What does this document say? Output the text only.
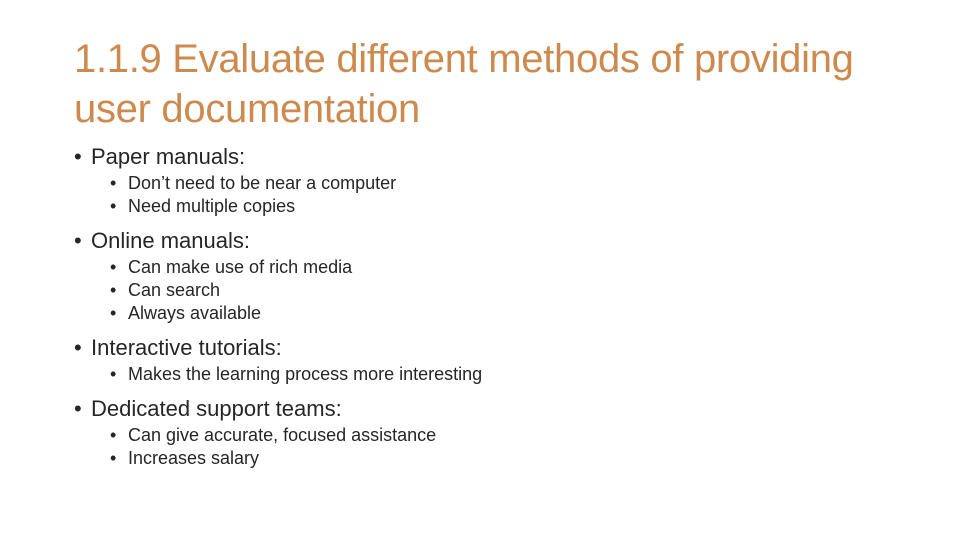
1.1.9 Evaluate different methods of providing user documentation
• Paper manuals:
• Don’t need to be near a computer
• Need multiple copies
• Online manuals:
• Can make use of rich media
• Can search
• Always available
• Interactive tutorials:
• Makes the learning process more interesting
• Dedicated support teams:
• Can give accurate, focused assistance
• Increases salary
